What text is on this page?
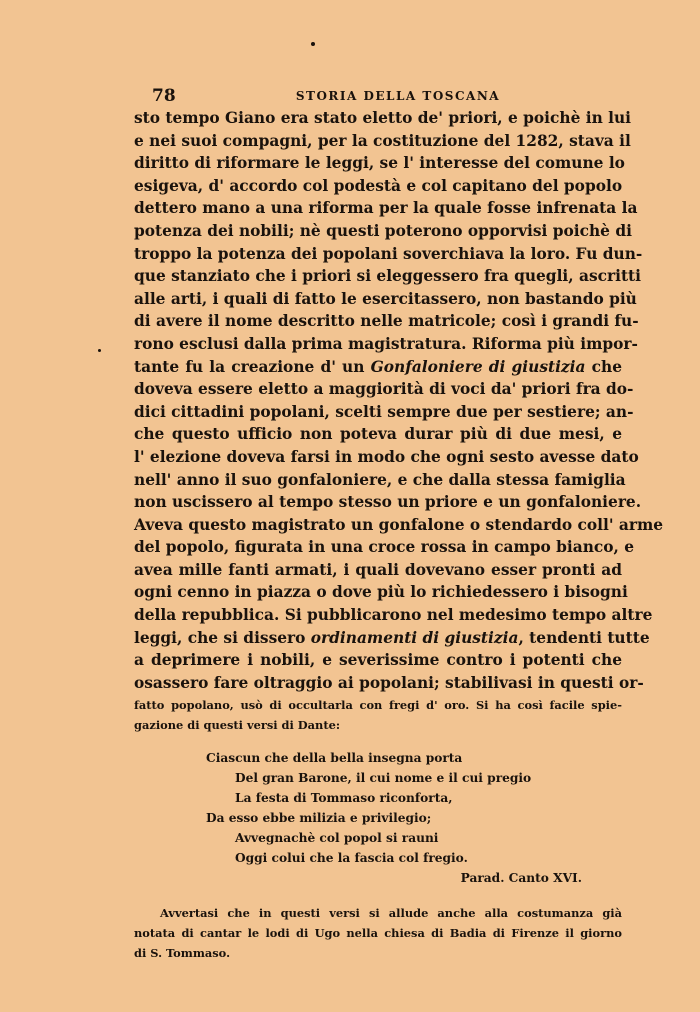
78	STORIA DELLA TOSCANA
sto tempo Giano era stato eletto de' priori, e poichè in lui
e nei suoi compagni, per la costituzione del 1282, stava il
diritto di riformare le leggi, se l' interesse del comune lo
esigeva, d' accordo col podestà e col capitano del popolo
dettero mano a una riforma per la quale fosse infrenata la
potenza dei nobili; nè questi poterono opporvisi poichè di
troppo la potenza dei popolani soverchiava la loro. Fu dun-
que stanziato che i priori si eleggessero fra quegli, ascritti
alle arti, i quali di fatto le esercitassero, non bastando più
di avere il nome descritto nelle matricole; così i grandi fu-
rono esclusi dalla prima magistratura. Riforma più impor-
tante fu la creazione d' un Gonfaloniere di giustizia che
doveva essere eletto a maggiorità di voci da' priori fra do-
dici cittadini popolani, scelti sempre due per sestiere; an-
che questo ufficio non poteva durar più di due mesi, e
l' elezione doveva farsi in modo che ogni sesto avesse dato
nell' anno il suo gonfaloniere, e che dalla stessa famiglia
non uscissero al tempo stesso un priore e un gonfaloniere.
Aveva questo magistrato un gonfalone o stendardo coll' arme
del popolo, figurata in una croce rossa in campo bianco, e
avea mille fanti armati, i quali dovevano esser pronti ad
ogni cenno in piazza o dove più lo richiedessero i bisogni
della repubblica. Si pubblicarono nel medesimo tempo altre
leggi, che si dissero ordinamenti di giustizia, tendenti tutte
a deprimere i nobili, e severissime contro i potenti che
osassero fare oltraggio ai popolani; stabilivasi in questi or-
fatto popolano, usò di occultarla con fregi d' oro. Si ha così facile spie-
gazione di questi versi di Dante:
Ciascun che della bella insegna porta
Del gran Barone, il cui nome e il cui pregio
La festa di Tommaso riconforta,
Da esso ebbe milizia e privilegio;
Avvegnachè col popol si rauni
Oggi colui che la fascia col fregio.
Parad. Canto XVI.
Avvertasi che in questi versi si allude anche alla costumanza già
notata di cantar le lodi di Ugo nella chiesa di Badia di Firenze il giorno
di S. Tommaso.
